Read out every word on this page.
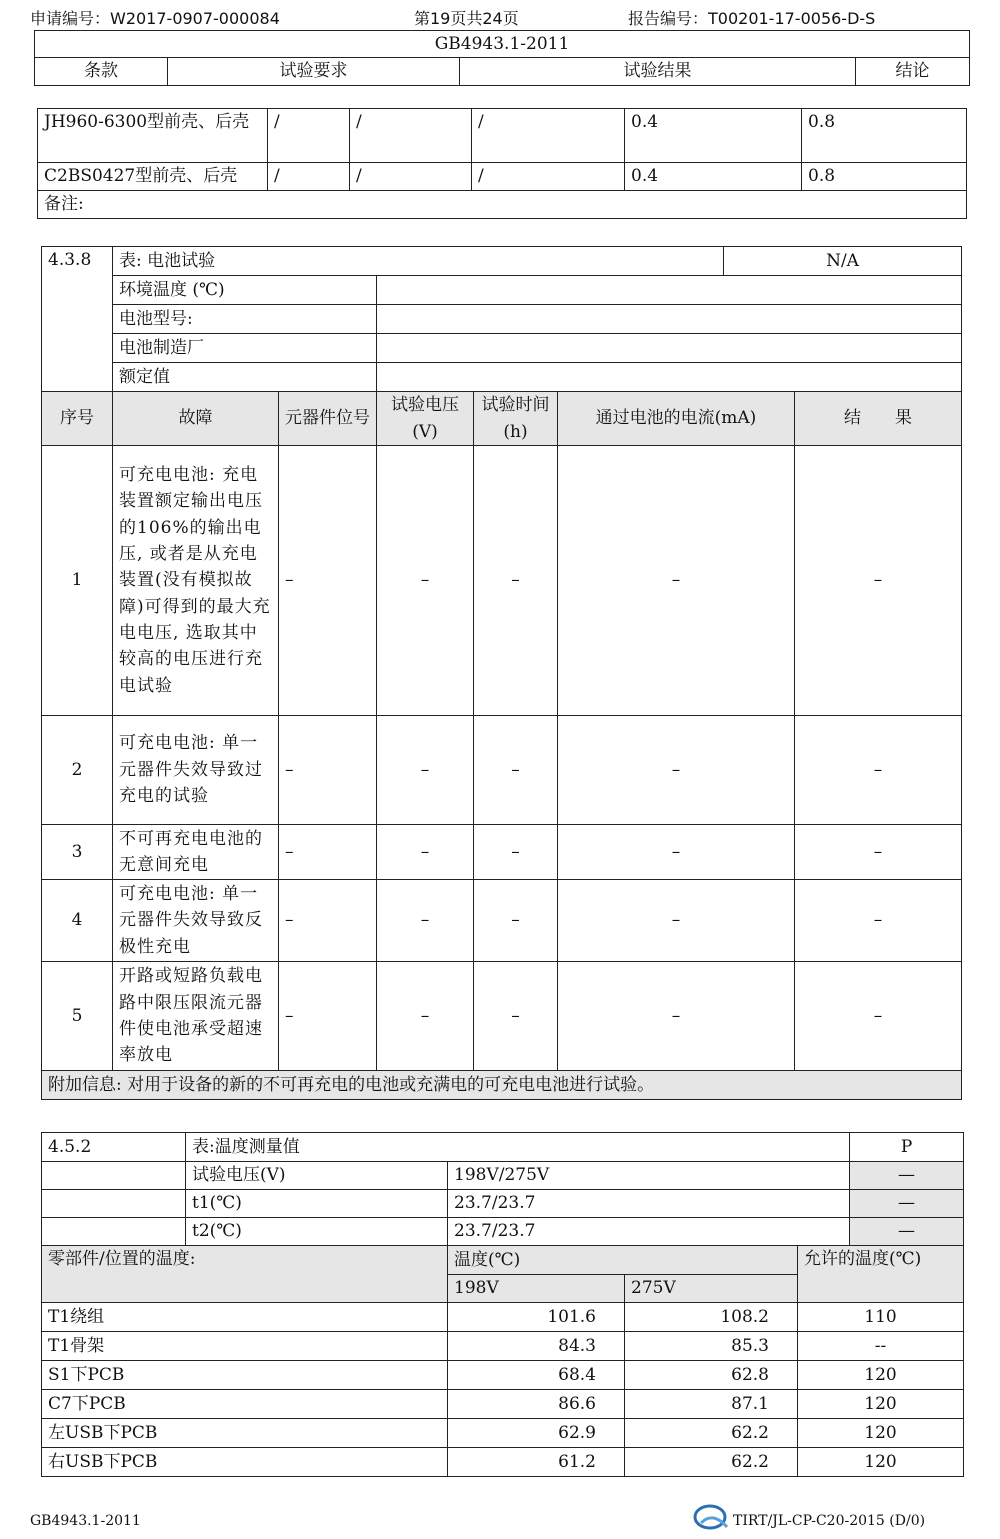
申请编号：W2017-0907-000084	第19页共24页	报告编号：T00201-17-0056-D-S
GB4943.1-2011
条款	试验要求	试验结果	结论
JH960-6300型前壳、后壳	/	/	/	0.4	0.8
C2BS0427型前壳、后壳	/	/	/	0.4	0.8
备注:					
4.3.8	表: 电池试验					N/A	
	环境温度 (℃)						
	电池型号:						
	电池制造厂						
	额定值						
序号	故障	元器件位号	试验电压(V)	试验时间(h)	通过电池的电流(mA)		结　　果
1	可充电电池: 充电装置额定输出电压的106%的输出电压, 或者是从充电装置(没有模拟故障)可得到的最大充电电压, 选取其中较高的电压进行充电试验	–	–	–	–		–
2	可充电电池: 单一元器件失效导致过充电的试验	–	–	–	–		–
3	不可再充电电池的无意间充电	–	–	–	–		–
4	可充电电池: 单一元器件失效导致反极性充电	–	–	–	–		–
5	开路或短路负载电路中限压限流元器件使电池承受超速率放电	–	–	–	–		–
附加信息: 对用于设备的新的不可再充电的电池或充满电的可充电电池进行试验。							
4.5.2	表:温度测量值				P
	试验电压(V)	198V/275V			—
	t1(℃)	23.7/23.7			—
	t2(℃)	23.7/23.7			—
零部件/位置的温度:		温度(℃)		允许的温度(℃)	
		198V	275V		
T1绕组		101.6	108.2	110	
T1骨架		84.3	85.3	--	
S1下PCB		68.4	62.8	120	
C7下PCB		86.6	87.1	120	
左USB下PCB		62.9	62.2	120	
右USB下PCB		61.2	62.2	120	
GB4943.1-2011	TIRT/JL-CP-C20-2015 (D/0)
